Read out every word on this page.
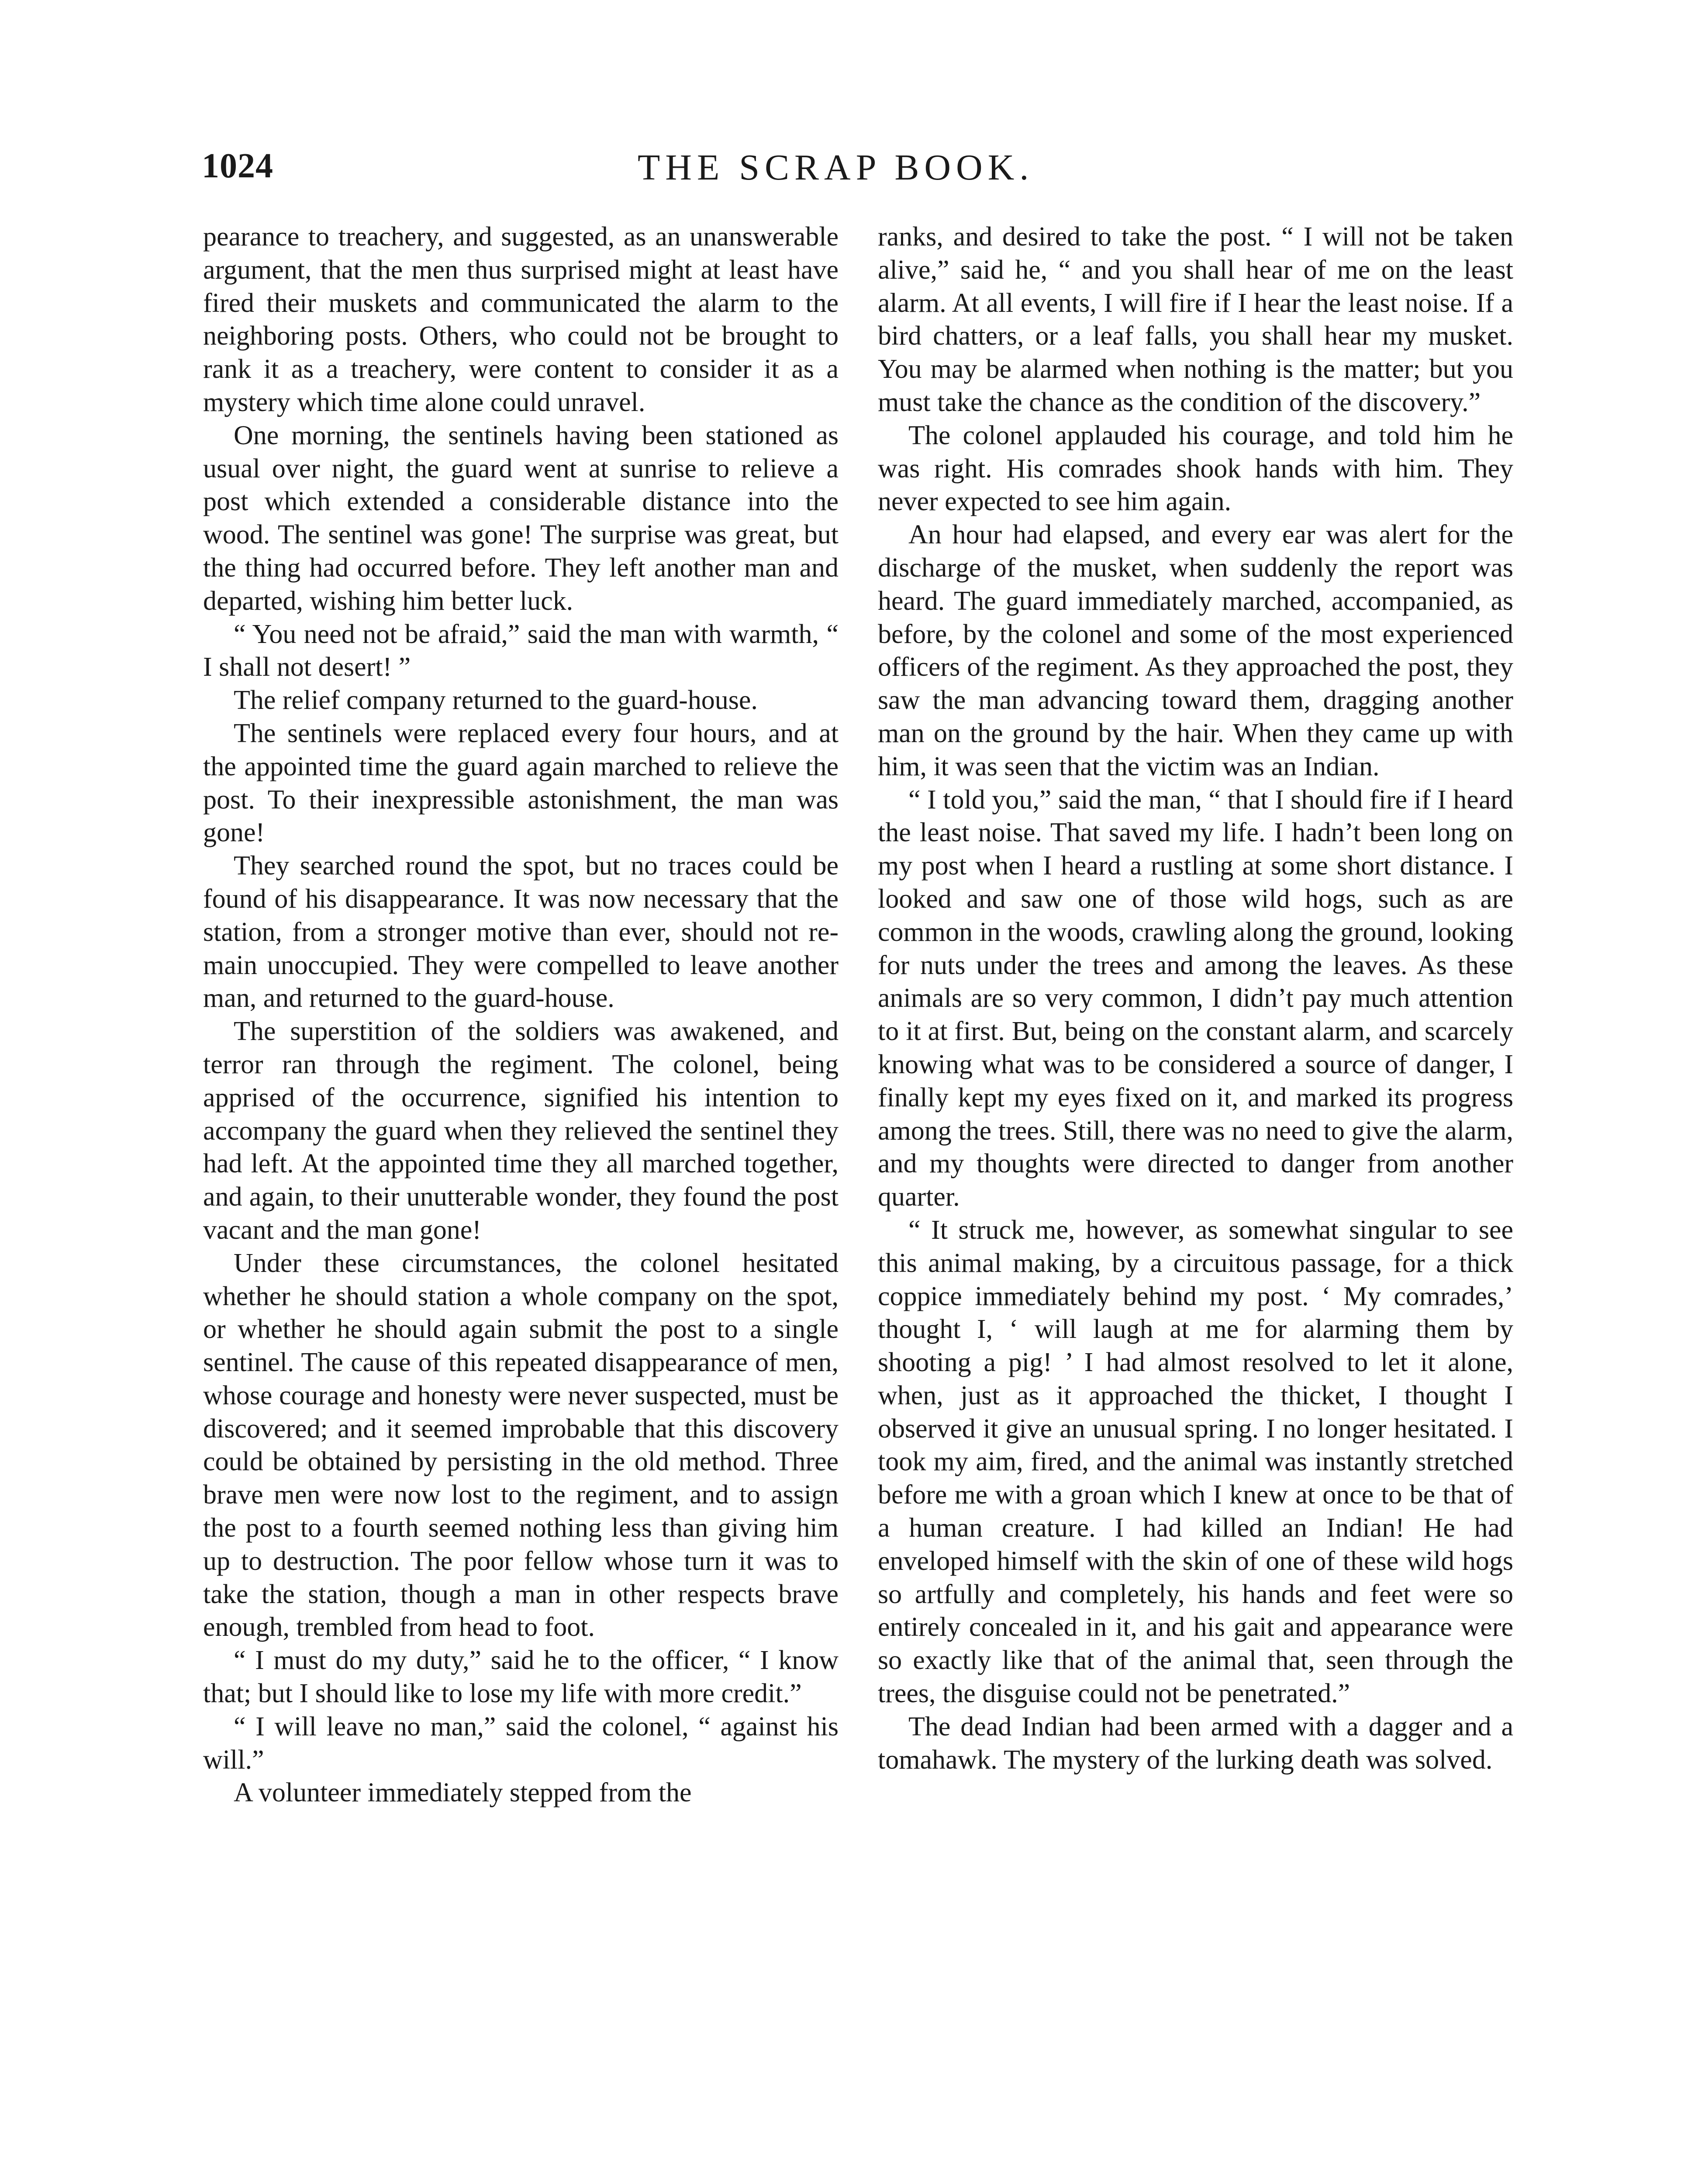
1024	THE SCRAP BOOK.

pearance to treachery, and suggested, as an unanswerable argument, that the men thus surprised might at least have fired their muskets and communicated the alarm to the neighboring posts. Others, who could not be brought to rank it as a treachery, were content to consider it as a mystery which time alone could unravel.

One morning, the sentinels having been stationed as usual over night, the guard went at sunrise to relieve a post which extended a considerable distance into the wood. The sentinel was gone! The surprise was great, but the thing had occurred before. They left another man and departed, wishing him better luck.

“ You need not be afraid,” said the man with warmth, “ I shall not desert! ”

The relief company returned to the guard-house.

The sentinels were replaced every four hours, and at the appointed time the guard again marched to relieve the post. To their inexpressible astonishment, the man was gone!

They searched round the spot, but no traces could be found of his disappearance. It was now necessary that the station, from a stronger motive than ever, should not remain unoccupied. They were compelled to leave another man, and returned to the guard-house.

The superstition of the soldiers was awakened, and terror ran through the regiment. The colonel, being apprised of the occurrence, signified his intention to accompany the guard when they relieved the sentinel they had left. At the appointed time they all marched together, and again, to their unutterable wonder, they found the post vacant and the man gone!

Under these circumstances, the colonel hesitated whether he should station a whole company on the spot, or whether he should again submit the post to a single sentinel. The cause of this repeated disappearance of men, whose courage and honesty were never suspected, must be discovered; and it seemed improbable that this discovery could be obtained by persisting in the old method. Three brave men were now lost to the regiment, and to assign the post to a fourth seemed nothing less than giving him up to destruction. The poor fellow whose turn it was to take the station, though a man in other respects brave enough, trembled from head to foot.

“ I must do my duty,” said he to the officer, “ I know that; but I should like to lose my life with more credit.”

“ I will leave no man,” said the colonel, “ against his will.”

A volunteer immediately stepped from the

ranks, and desired to take the post. “ I will not be taken alive,” said he, “ and you shall hear of me on the least alarm. At all events, I will fire if I hear the least noise. If a bird chatters, or a leaf falls, you shall hear my musket. You may be alarmed when nothing is the matter; but you must take the chance as the condition of the discovery.”

The colonel applauded his courage, and told him he was right. His comrades shook hands with him. They never expected to see him again.

An hour had elapsed, and every ear was alert for the discharge of the musket, when suddenly the report was heard. The guard immediately marched, accompanied, as before, by the colonel and some of the most experienced officers of the regiment. As they approached the post, they saw the man advancing toward them, dragging another man on the ground by the hair. When they came up with him, it was seen that the victim was an Indian.

“ I told you,” said the man, “ that I should fire if I heard the least noise. That saved my life. I hadn’t been long on my post when I heard a rustling at some short distance. I looked and saw one of those wild hogs, such as are common in the woods, crawling along the ground, looking for nuts under the trees and among the leaves. As these animals are so very common, I didn’t pay much attention to it at first. But, being on the constant alarm, and scarcely knowing what was to be considered a source of danger, I finally kept my eyes fixed on it, and marked its progress among the trees. Still, there was no need to give the alarm, and my thoughts were directed to danger from another quarter.

“ It struck me, however, as somewhat singular to see this animal making, by a circuitous passage, for a thick coppice immediately behind my post. ‘ My comrades,’ thought I, ‘ will laugh at me for alarming them by shooting a pig! ’ I had almost resolved to let it alone, when, just as it approached the thicket, I thought I observed it give an unusual spring. I no longer hesitated. I took my aim, fired, and the animal was instantly stretched before me with a groan which I knew at once to be that of a human creature. I had killed an Indian! He had enveloped himself with the skin of one of these wild hogs so artfully and completely, his hands and feet were so entirely concealed in it, and his gait and appearance were so exactly like that of the animal that, seen through the trees, the disguise could not be penetrated.”

The dead Indian had been armed with a dagger and a tomahawk. The mystery of the lurking death was solved.
